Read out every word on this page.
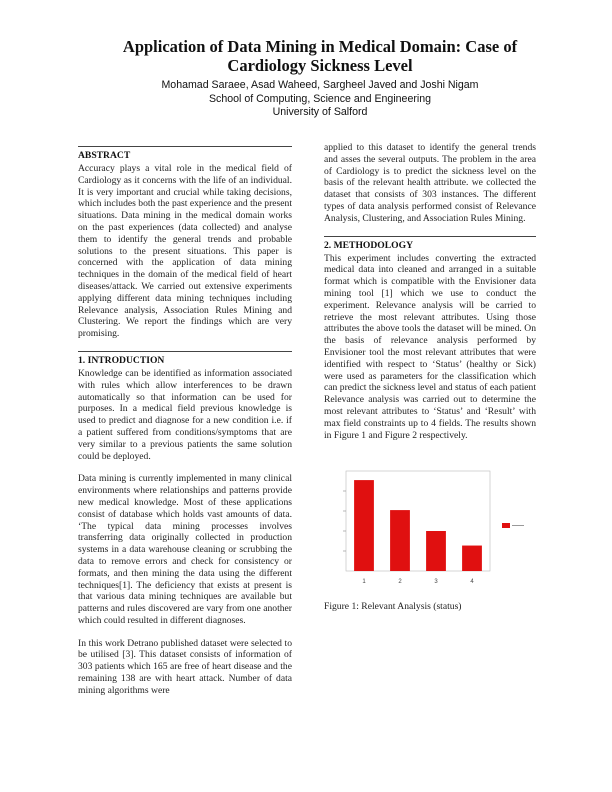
Application of Data Mining in Medical Domain: Case of Cardiology Sickness Level
Mohamad Saraee, Asad Waheed, Sargheel Javed and Joshi Nigam
School of Computing, Science and Engineering
University of Salford
ABSTRACT

Accuracy plays a vital role in the medical field of Cardiology as it concerns with the life of an individual. It is very important and crucial while taking decisions, which includes both the past experience and the present situations. Data mining in the medical domain works on the past experiences (data collected) and analyse them to identify the general trends and probable solutions to the present situations. This paper is concerned with the application of data mining techniques in the domain of the medical field of heart diseases/attack. We carried out extensive experiments applying different data mining techniques including Relevance analysis, Association Rules Mining and Clustering. We report the findings which are very promising.

1. INTRODUCTION

Knowledge can be identified as information associated with rules which allow interferences to be drawn automatically so that information can be used for purposes. In a medical field previous knowledge is used to predict and diagnose for a new condition i.e. if a patient suffered from conditions/symptoms that are very similar to a previous patients the same solution could be deployed.

Data mining is currently implemented in many clinical environments where relationships and patterns provide new medical knowledge. Most of these applications consist of database which holds vast amounts of data. ‘The typical data mining processes involves transferring data originally collected in production systems in a data warehouse cleaning or scrubbing the data to remove errors and check for consistency or formats, and then mining the data using the different techniques[1]. The deficiency that exists at present is that various data mining techniques are available but patterns and rules discovered are vary from one another which could resulted in different diagnoses.

In this work Detrano published dataset were selected to be utilised [3]. This dataset consists of information of 303 patients which 165 are free of heart disease and the remaining 138 are with heart attack. Number of data mining algorithms were

applied to this dataset to identify the general trends and asses the several outputs. The problem in the area of Cardiology is to predict the sickness level on the basis of the relevant health attribute. we collected the dataset that consists of 303 instances. The different types of data analysis performed consist of Relevance Analysis, Clustering, and Association Rules Mining.

2. METHODOLOGY

This experiment includes converting the extracted medical data into cleaned and arranged in a suitable format which is compatible with the Envisioner data mining tool [1] which we use to conduct the experiment. Relevance analysis will be carried to retrieve the most relevant attributes. Using those attributes the above tools the dataset will be mined. On the basis of relevance analysis performed by Envisioner tool the most relevant attributes that were identified with respect to ‘Status’ (healthy or Sick) were used as parameters for the classification which can predict the sickness level and status of each patient Relevance analysis was carried out to determine the most relevant attributes to ‘Status’ and ‘Result’ with max field constraints up to 4 fields. The results shown in Figure 1 and Figure 2 respectively.

1	2	3	4
Figure 1: Relevant Analysis (status)
